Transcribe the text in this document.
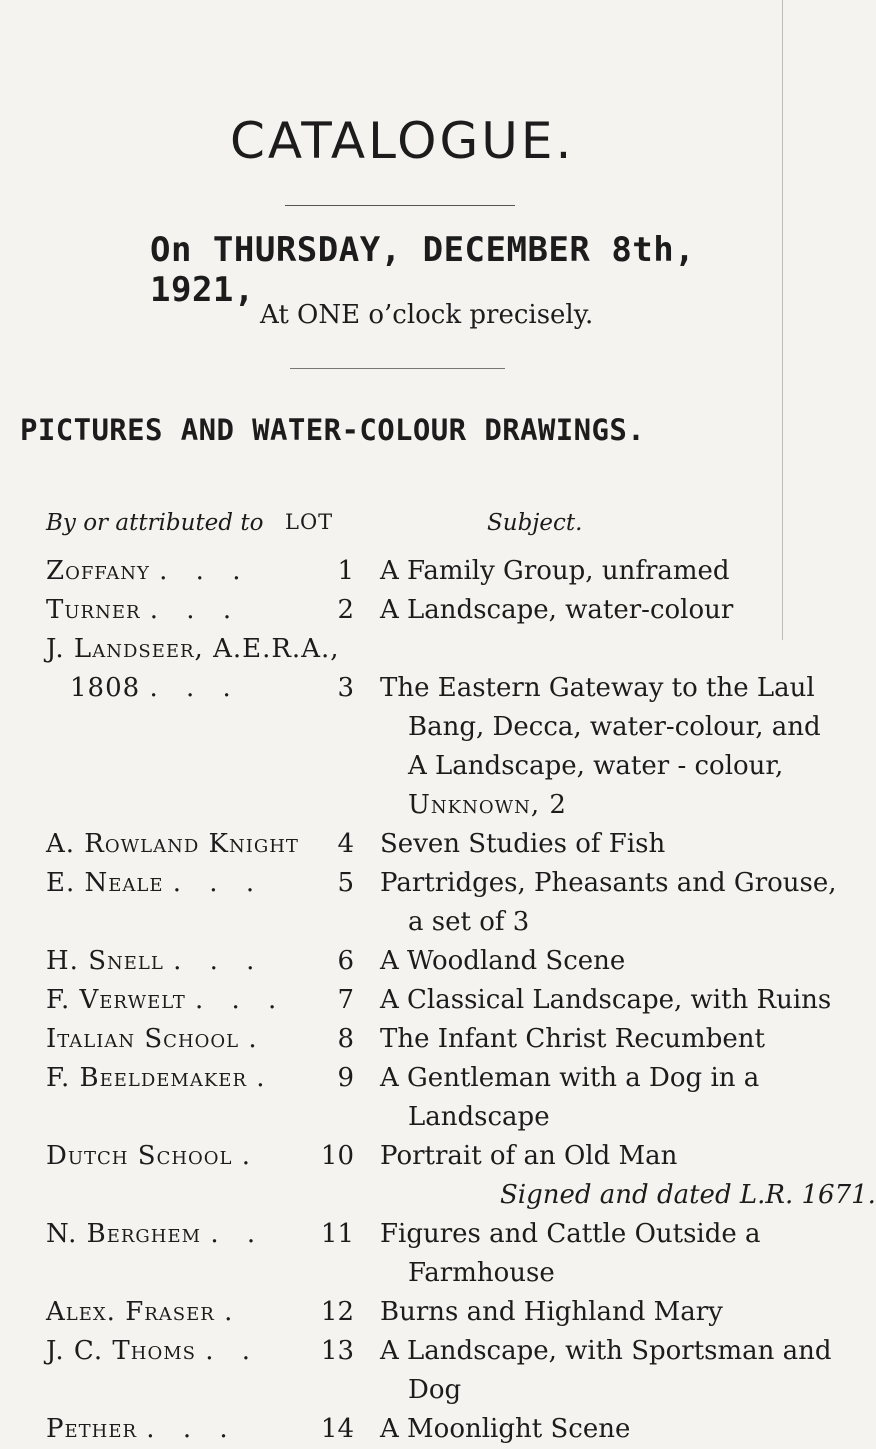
CATALOGUE.
On THURSDAY, DECEMBER 8th, 1921,
At ONE o’clock precisely.
PICTURES AND WATER-COLOUR DRAWINGS.
By or attributed to LOT	Subject.
Zoffany . . .	1 A Family Group, unframed
Turner . . .	2 A Landscape, water-colour
J. Landseer, A.E.R.A.,
1808 . . .	3 The Eastern Gateway to the Laul
Bang, Decca, water-colour, and
A Landscape, water - colour,
Unknown, 2
A. Rowland Knight	4 Seven Studies of Fish
E. Neale . . .	5 Partridges, Pheasants and Grouse,
a set of 3
H. Snell . . .	6 A Woodland Scene
F. Verwelt . . .	7 A Classical Landscape, with Ruins
Italian School .	8 The Infant Christ Recumbent
F. Beeldemaker .	9 A Gentleman with a Dog in a
Landscape
Dutch School .	10 Portrait of an Old Man
Signed and dated L.R. 1671.
N. Berghem . .	11 Figures and Cattle Outside a
Farmhouse
Alex. Fraser .	12 Burns and Highland Mary
J. C. Thoms . .	13 A Landscape, with Sportsman and
Dog
Pether . . .	14 A Moonlight Scene
